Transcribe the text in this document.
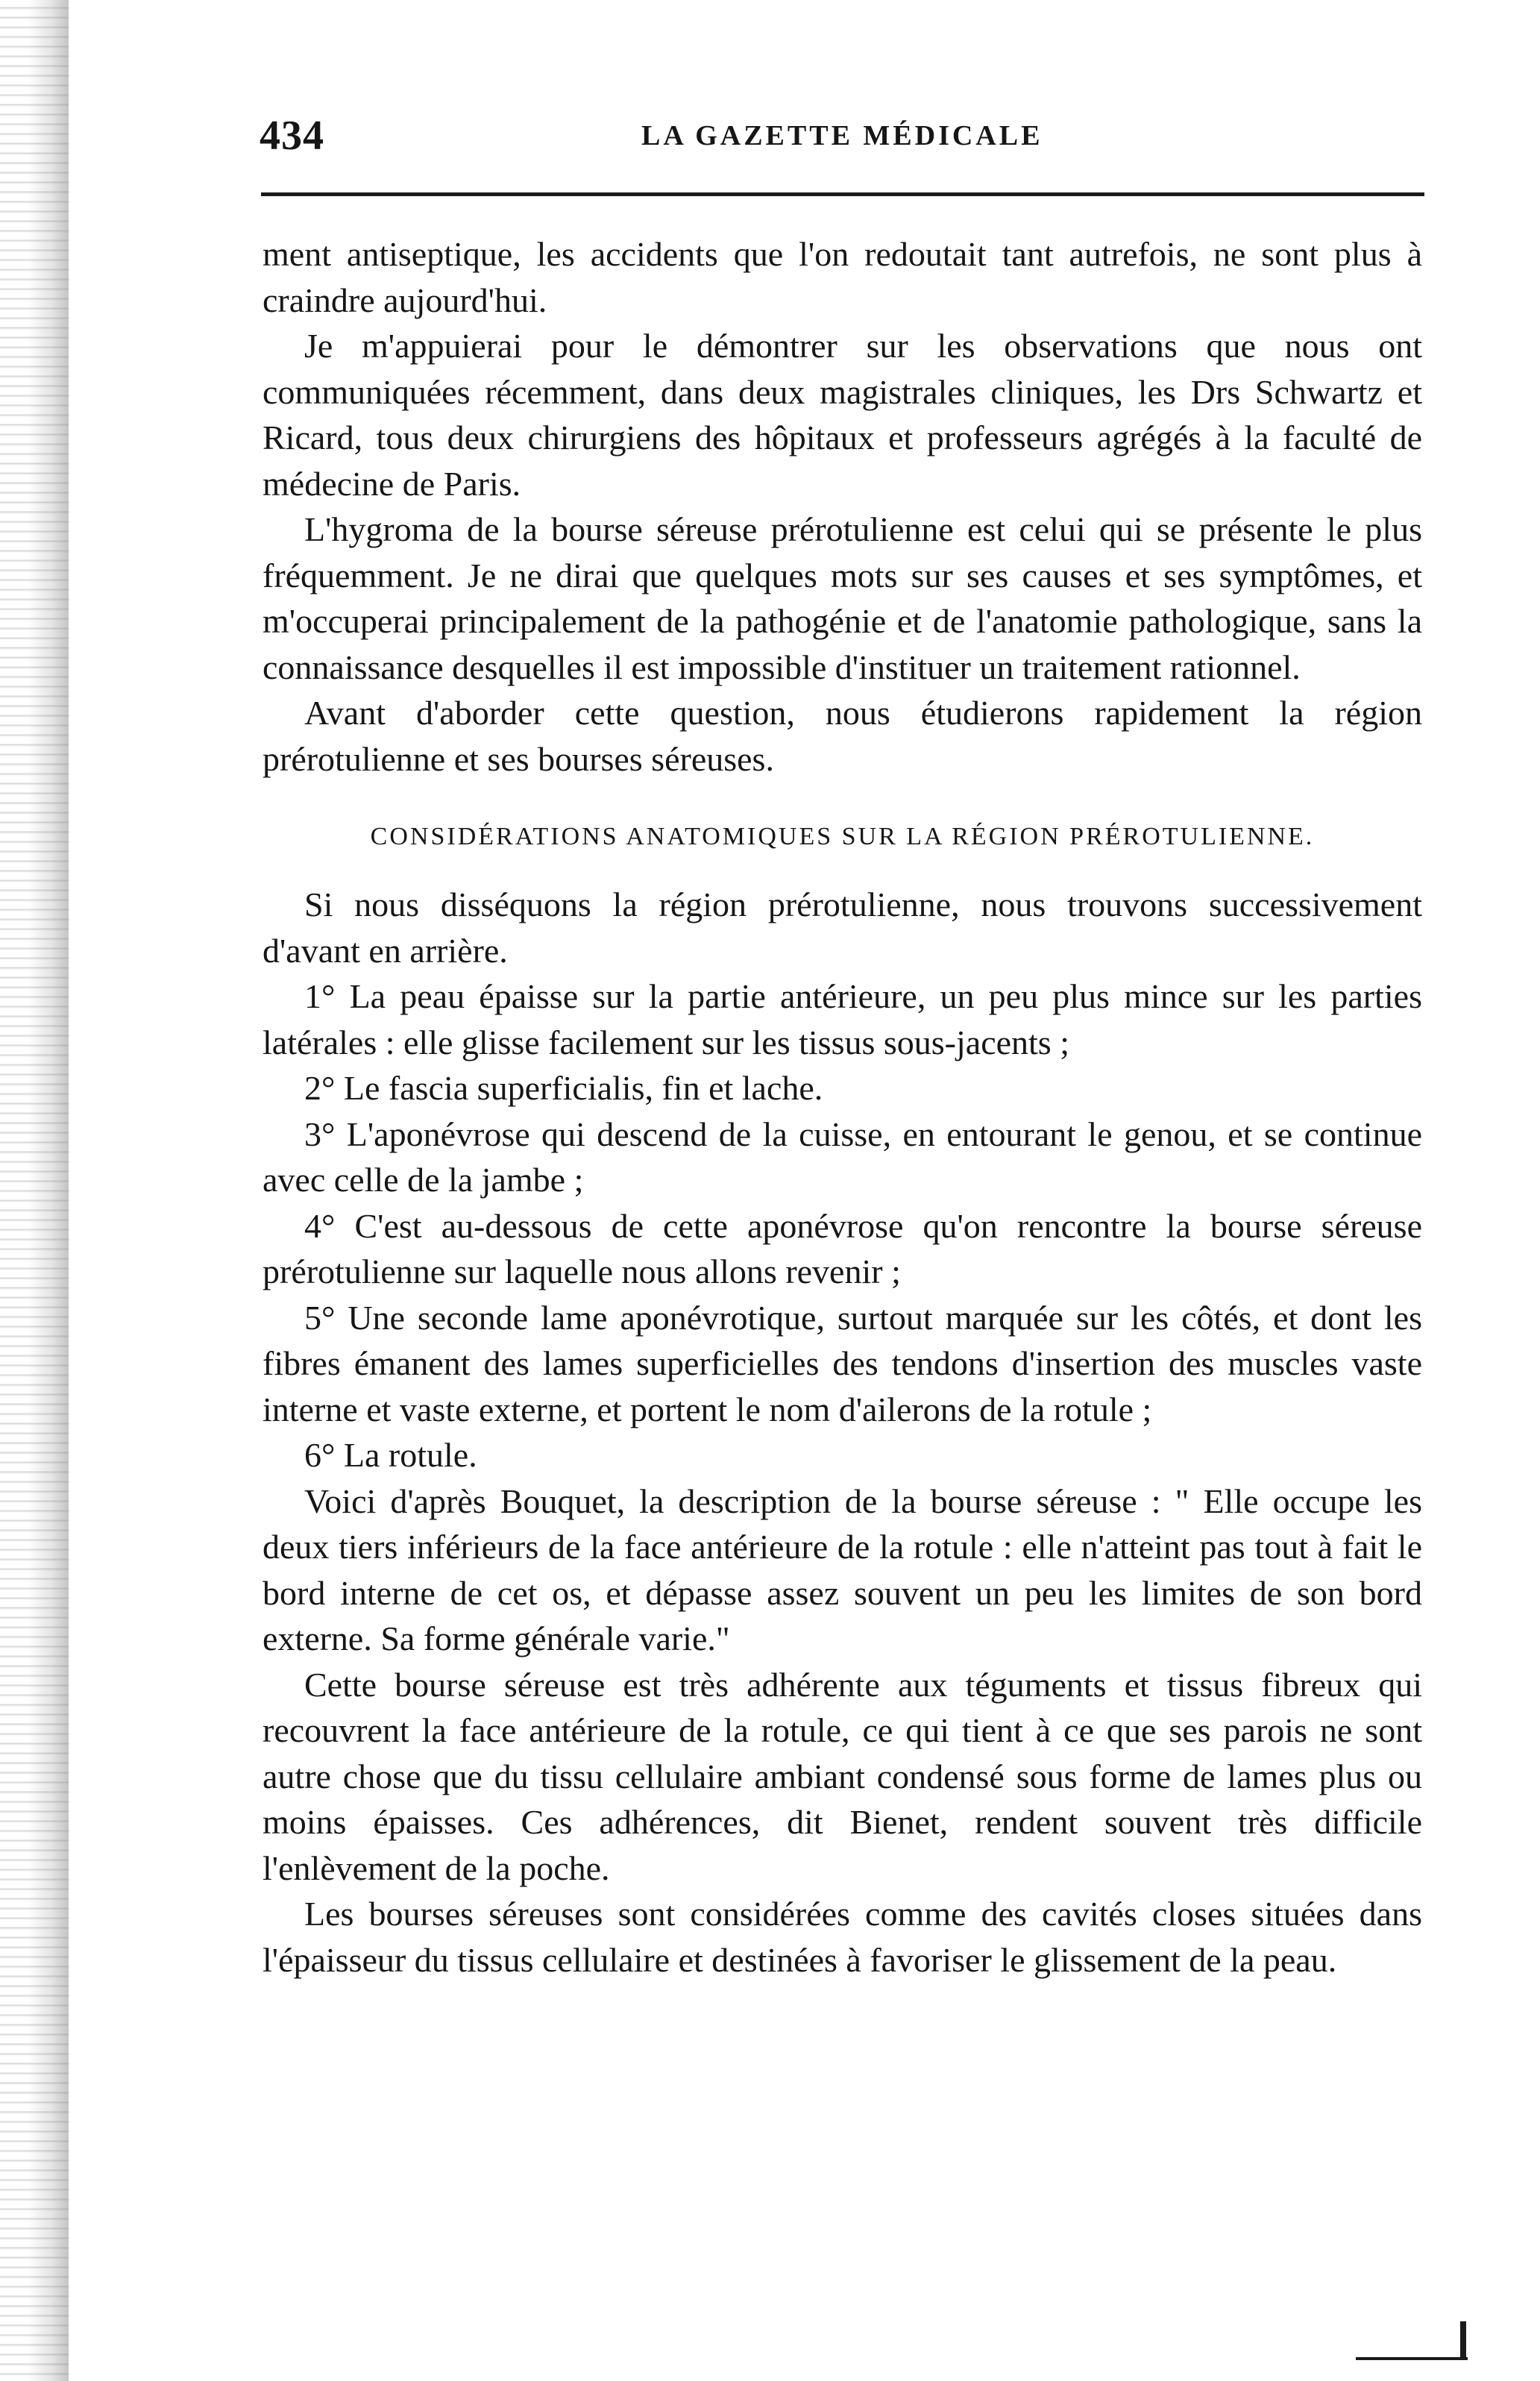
434	LA GAZETTE MÉDICALE

ment antiseptique, les accidents que l'on redoutait tant autrefois, ne sont plus à craindre aujourd'hui.

Je m'appuierai pour le démontrer sur les observations que nous ont communiquées récemment, dans deux magistrales cliniques, les Drs Schwartz et Ricard, tous deux chirurgiens des hôpitaux et professeurs agrégés à la faculté de médecine de Paris.

L'hygroma de la bourse séreuse prérotulienne est celui qui se présente le plus fréquemment. Je ne dirai que quelques mots sur ses causes et ses symptômes, et m'occuperai principalement de la pathogénie et de l'anatomie pathologique, sans la connaissance desquelles il est impossible d'instituer un traitement rationnel.

Avant d'aborder cette question, nous étudierons rapidement la région prérotulienne et ses bourses séreuses.

CONSIDÉRATIONS ANATOMIQUES SUR LA RÉGION PRÉROTULIENNE.

Si nous disséquons la région prérotulienne, nous trouvons successivement d'avant en arrière.

1° La peau épaisse sur la partie antérieure, un peu plus mince sur les parties latérales : elle glisse facilement sur les tissus sous-jacents ;

2° Le fascia superficialis, fin et lache.

3° L'aponévrose qui descend de la cuisse, en entourant le genou, et se continue avec celle de la jambe ;

4° C'est au-dessous de cette aponévrose qu'on rencontre la bourse séreuse prérotulienne sur laquelle nous allons revenir ;

5° Une seconde lame aponévrotique, surtout marquée sur les côtés, et dont les fibres émanent des lames superficielles des tendons d'insertion des muscles vaste interne et vaste externe, et portent le nom d'ailerons de la rotule ;

6° La rotule.

Voici d'après Bouquet, la description de la bourse séreuse : " Elle occupe les deux tiers inférieurs de la face antérieure de la rotule : elle n'atteint pas tout à fait le bord interne de cet os, et dépasse assez souvent un peu les limites de son bord externe. Sa forme générale varie."

Cette bourse séreuse est très adhérente aux téguments et tissus fibreux qui recouvrent la face antérieure de la rotule, ce qui tient à ce que ses parois ne sont autre chose que du tissu cellulaire ambiant condensé sous forme de lames plus ou moins épaisses. Ces adhérences, dit Bienet, rendent souvent très difficile l'enlèvement de la poche.

Les bourses séreuses sont considérées comme des cavités closes situées dans l'épaisseur du tissus cellulaire et destinées à favoriser le glissement de la peau.
